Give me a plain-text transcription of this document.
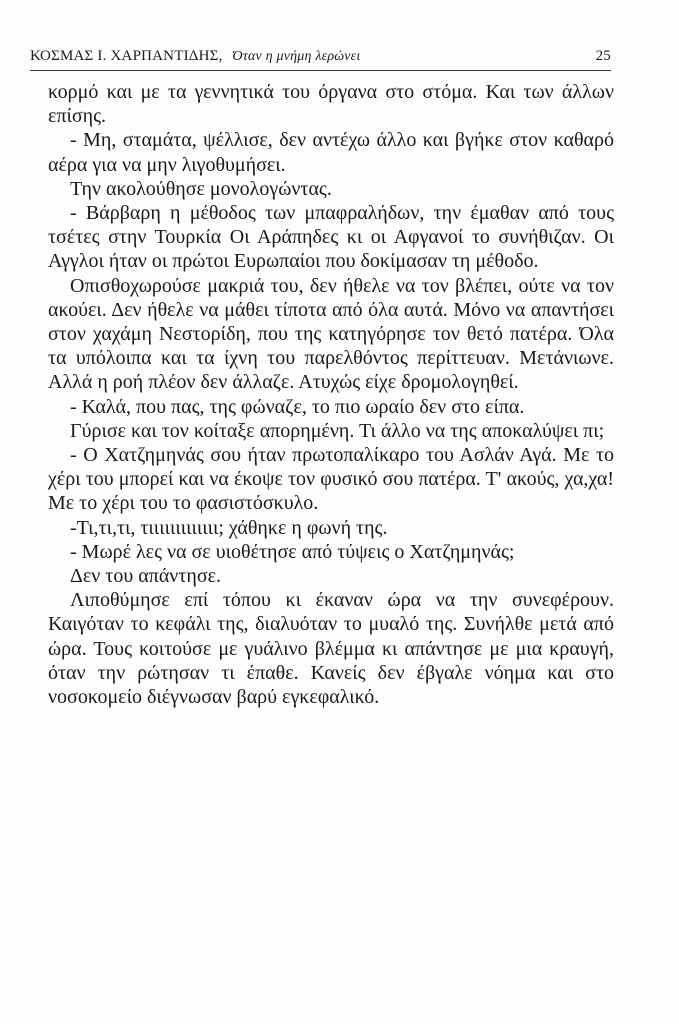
ΚΟΣΜΑΣ Ι. ΧΑΡΠΑΝΤΙΔΗΣ, Όταν η μνήμη λερώνει	25

κορμό και με τα γεννητικά του όργανα στο στόμα. Και των άλλων επίσης.

- Μη, σταμάτα, ψέλλισε, δεν αντέχω άλλο και βγήκε στον καθαρό αέρα για να μην λιγοθυμήσει.

Την ακολούθησε μονολογώντας.

- Βάρβαρη η μέθοδος των μπαφραλήδων, την έμαθαν από τους τσέτες στην Τουρκία Οι Αράπηδες κι οι Αφγανοί το συνήθιζαν. Οι Αγγλοι ήταν οι πρώτοι Ευρωπαίοι που δοκίμασαν τη μέθοδο.

Οπισθοχωρούσε μακριά του, δεν ήθελε να τον βλέπει, ούτε να τον ακούει. Δεν ήθελε να μάθει τίποτα από όλα αυτά. Μόνο να απαντήσει στον χαχάμη Νεστορίδη, που της κατηγόρησε τον θετό πατέρα. Όλα τα υπόλοιπα και τα ίχνη του παρελθόντος περίττευαν. Μετάνιωνε. Αλλά η ροή πλέον δεν άλλαζε. Ατυχώς είχε δρομολογηθεί.

- Καλά, που πας, της φώναζε, το πιο ωραίο δεν στο είπα.

Γύρισε και τον κοίταξε απορημένη. Τι άλλο να της αποκαλύψει πι;

- Ο Χατζημηνάς σου ήταν πρωτοπαλίκαρο του Ασλάν Αγά. Με το χέρι του μπορεί και να έκοψε τον φυσικό σου πατέρα. Τ' ακούς, χα,χα! Με το χέρι του το φασιστόσκυλο.

-Τι,τι,τι, τιιιιιιιιιιιιι; χάθηκε η φωνή της.

- Μωρέ λες να σε υιοθέτησε από τύψεις ο Χατζημηνάς;

Δεν του απάντησε.

Λιποθύμησε επί τόπου κι έκαναν ώρα να την συνεφέρουν. Καιγόταν το κεφάλι της, διαλυόταν το μυαλό της. Συνήλθε μετά από ώρα. Τους κοιτούσε με γυάλινο βλέμμα κι απάντησε με μια κραυγή, όταν την ρώτησαν τι έπαθε. Κανείς δεν έβγαλε νόημα και στο νοσοκομείο διέγνωσαν βαρύ εγκεφαλικό.
